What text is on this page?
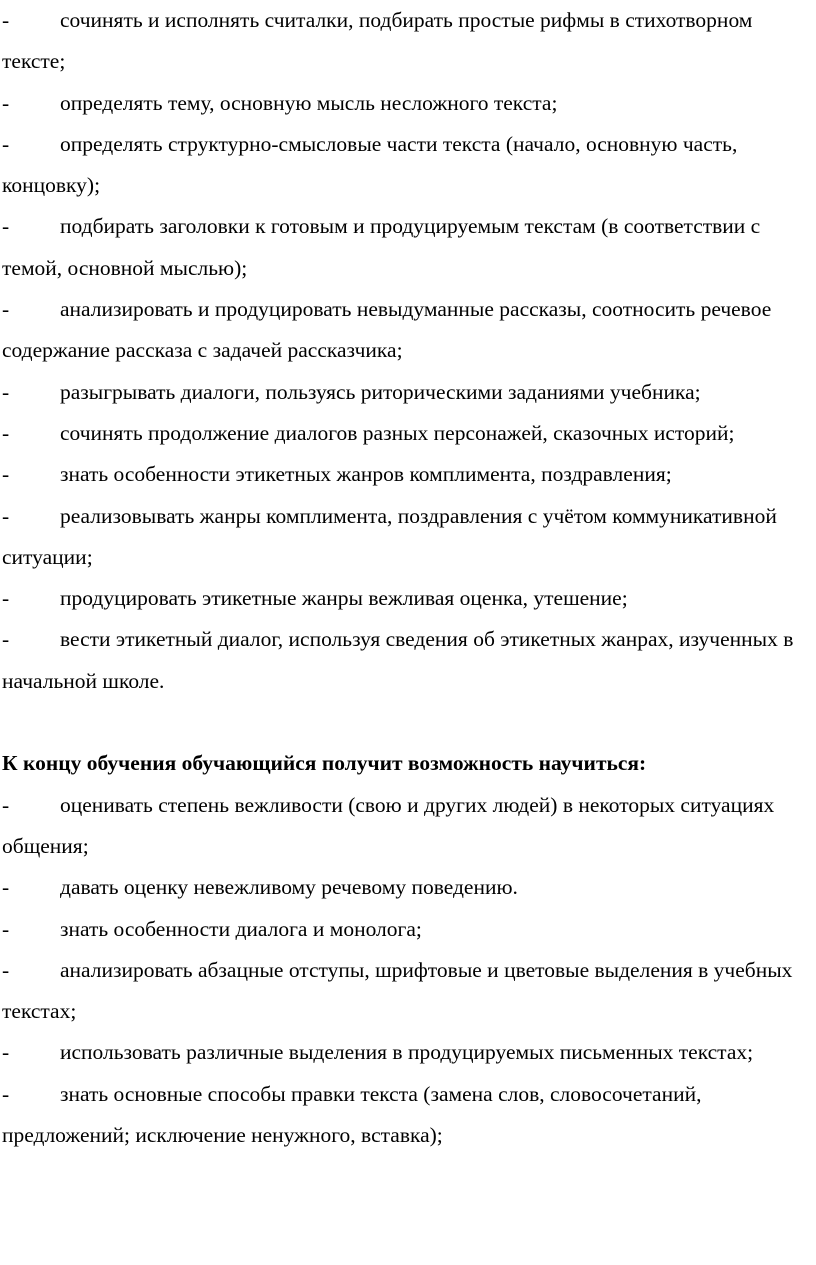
- сочинять и исполнять считалки, подбирать простые рифмы в стихотворном тексте;

- определять тему, основную мысль несложного текста;

- определять структурно-смысловые части текста (начало, основную часть, концовку);

- подбирать заголовки к готовым и продуцируемым текстам (в соответствии с темой, основной мыслью);

- анализировать и продуцировать невыдуманные рассказы, соотносить речевое содержание рассказа с задачей рассказчика;

- разыгрывать диалоги, пользуясь риторическими заданиями учебника;

- сочинять продолжение диалогов разных персонажей, сказочных историй;

- знать особенности этикетных жанров комплимента, поздравления;

- реализовывать жанры комплимента, поздравления с учётом коммуникативной ситуации;

- продуцировать этикетные жанры вежливая оценка, утешение;

- вести этикетный диалог, используя сведения об этикетных жанрах, изученных в начальной школе.

К концу обучения обучающийся получит возможность научиться:

- оценивать степень вежливости (свою и других людей) в некоторых ситуациях общения;

- давать оценку невежливому речевому поведению.

- знать особенности диалога и монолога;

- анализировать абзацные отступы, шрифтовые и цветовые выделения в учебных текстах;

- использовать различные выделения в продуцируемых письменных текстах;

- знать основные способы правки текста (замена слов, словосочетаний, предложений; исключение ненужного, вставка);
